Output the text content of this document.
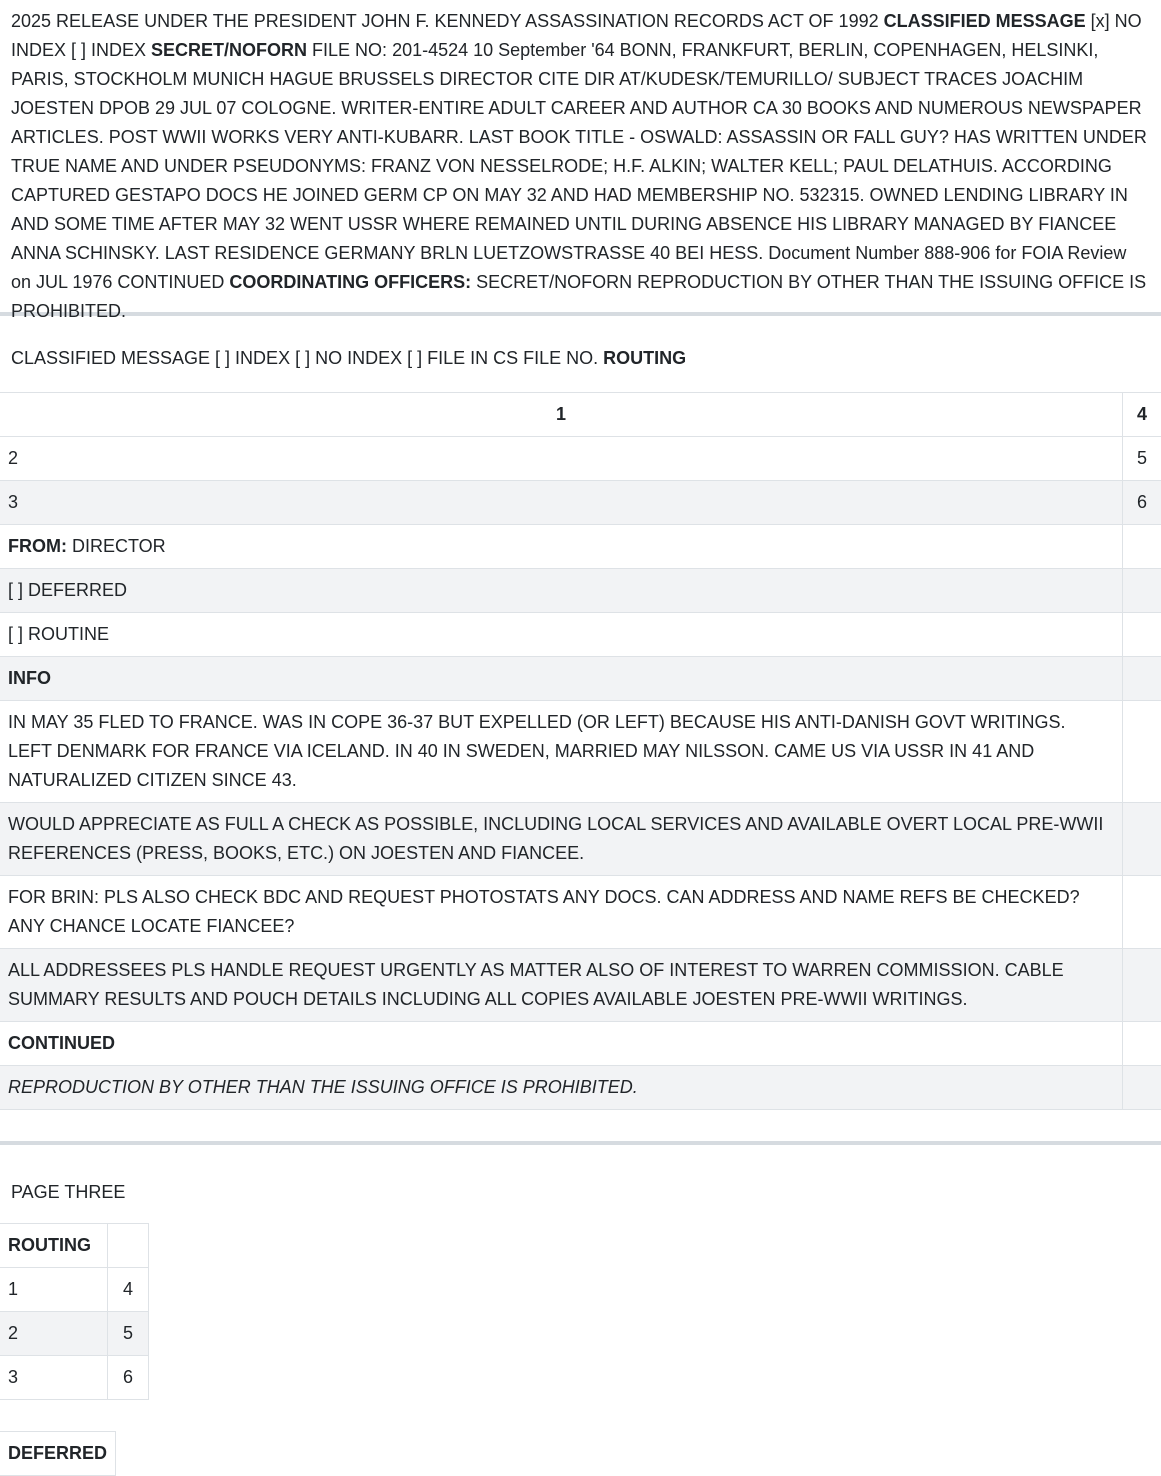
2025 RELEASE UNDER THE PRESIDENT JOHN F. KENNEDY ASSASSINATION RECORDS ACT OF 1992 CLASSIFIED MESSAGE [x] NO INDEX [ ] INDEX SECRET/NOFORN FILE NO: 201-4524 10 September '64 BONN, FRANKFURT, BERLIN, COPENHAGEN, HELSINKI, PARIS, STOCKHOLM MUNICH HAGUE BRUSSELS DIRECTOR CITE DIR AT/KUDESK/TEMURILLO/ SUBJECT TRACES JOACHIM JOESTEN DPOB 29 JUL 07 COLOGNE. WRITER-ENTIRE ADULT CAREER AND AUTHOR CA 30 BOOKS AND NUMEROUS NEWSPAPER ARTICLES. POST WWII WORKS VERY ANTI-KUBARR. LAST BOOK TITLE - OSWALD: ASSASSIN OR FALL GUY? HAS WRITTEN UNDER TRUE NAME AND UNDER PSEUDONYMS: FRANZ VON NESSELRODE; H.F. ALKIN; WALTER KELL; PAUL DELATHUIS. ACCORDING CAPTURED GESTAPO DOCS HE JOINED GERM CP ON MAY 32 AND HAD MEMBERSHIP NO. 532315. OWNED LENDING LIBRARY IN AND SOME TIME AFTER MAY 32 WENT USSR WHERE REMAINED UNTIL DURING ABSENCE HIS LIBRARY MANAGED BY FIANCEE ANNA SCHINSKY. LAST RESIDENCE GERMANY BRLN LUETZOWSTRASSE 40 BEI HESS. Document Number 888-906 for FOIA Review on JUL 1976 CONTINUED COORDINATING OFFICERS: SECRET/NOFORN REPRODUCTION BY OTHER THAN THE ISSUING OFFICE IS PROHIBITED.

CLASSIFIED MESSAGE [ ] INDEX [ ] NO INDEX [ ] FILE IN CS FILE NO. ROUTING

1	4
2	5
3	6
FROM: DIRECTOR	
[ ] DEFERRED	
[ ] ROUTINE	
INFO	
IN MAY 35 FLED TO FRANCE. WAS IN COPE 36-37 BUT EXPELLED (OR LEFT) BECAUSE HIS ANTI-DANISH GOVT WRITINGS. LEFT DENMARK FOR FRANCE VIA ICELAND. IN 40 IN SWEDEN, MARRIED MAY NILSSON. CAME US VIA USSR IN 41 AND NATURALIZED CITIZEN SINCE 43.	
WOULD APPRECIATE AS FULL A CHECK AS POSSIBLE, INCLUDING LOCAL SERVICES AND AVAILABLE OVERT LOCAL PRE-WWII REFERENCES (PRESS, BOOKS, ETC.) ON JOESTEN AND FIANCEE.	
FOR BRIN: PLS ALSO CHECK BDC AND REQUEST PHOTOSTATS ANY DOCS. CAN ADDRESS AND NAME REFS BE CHECKED? ANY CHANCE LOCATE FIANCEE?	
ALL ADDRESSEES PLS HANDLE REQUEST URGENTLY AS MATTER ALSO OF INTEREST TO WARREN COMMISSION. CABLE SUMMARY RESULTS AND POUCH DETAILS INCLUDING ALL COPIES AVAILABLE JOESTEN PRE-WWII WRITINGS.	
CONTINUED	
REPRODUCTION BY OTHER THAN THE ISSUING OFFICE IS PROHIBITED.	

PAGE THREE

ROUTING	
1	4
2	5
3	6
DEFERRED
